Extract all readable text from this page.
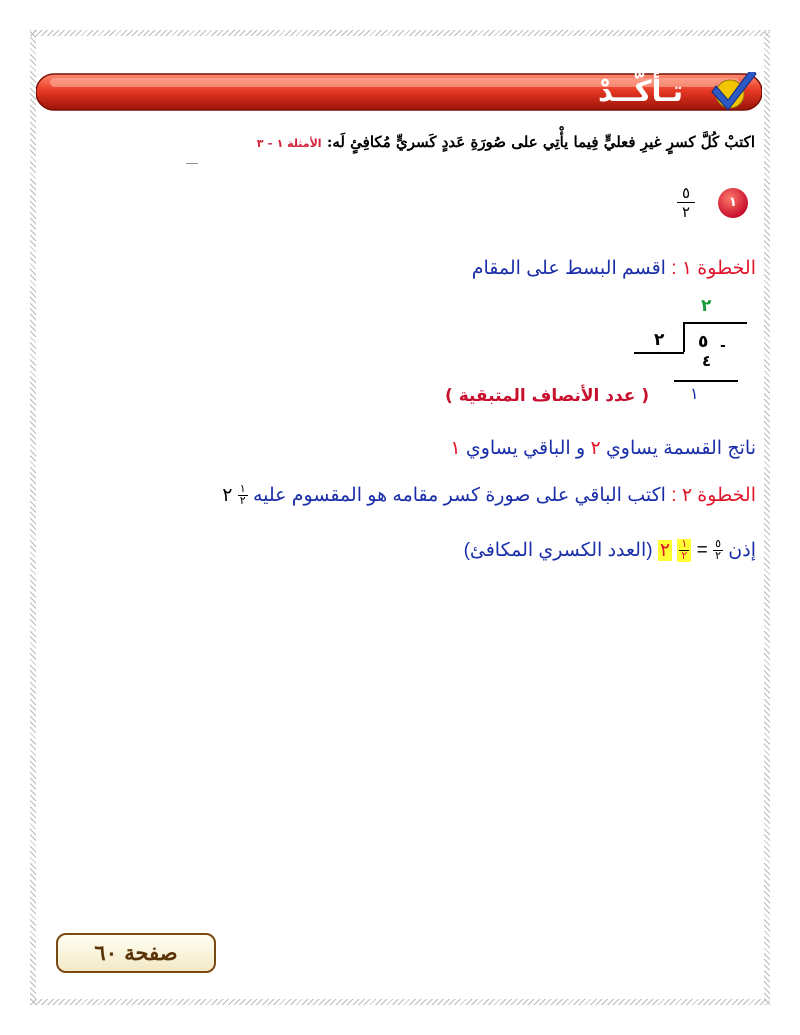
تـأكَّــدْ
اكتبْ كُلَّ كسرٍ غيرِ فعليٍّ فِيما يأْتِي على صُورَةِ عَددٍ كَسريٍّ مُكافِئٍ لَه: الأمثلة ١ – ٣
١
٥
٢
الخطوة ١ : اقسم البسط على المقام
٢
٢ ٥ -
٤
١
( عدد الأنصاف المتبقية )
ناتج القسمة يساوي ٢ و الباقي يساوي ١
الخطوة ٢ : اكتب الباقي على صورة كسر مقامه هو المقسوم عليه
١
٢
٢
إذن
٥
٢
=
١
٢
٢ (العدد الكسري المكافئ)
صفحة ٦٠
